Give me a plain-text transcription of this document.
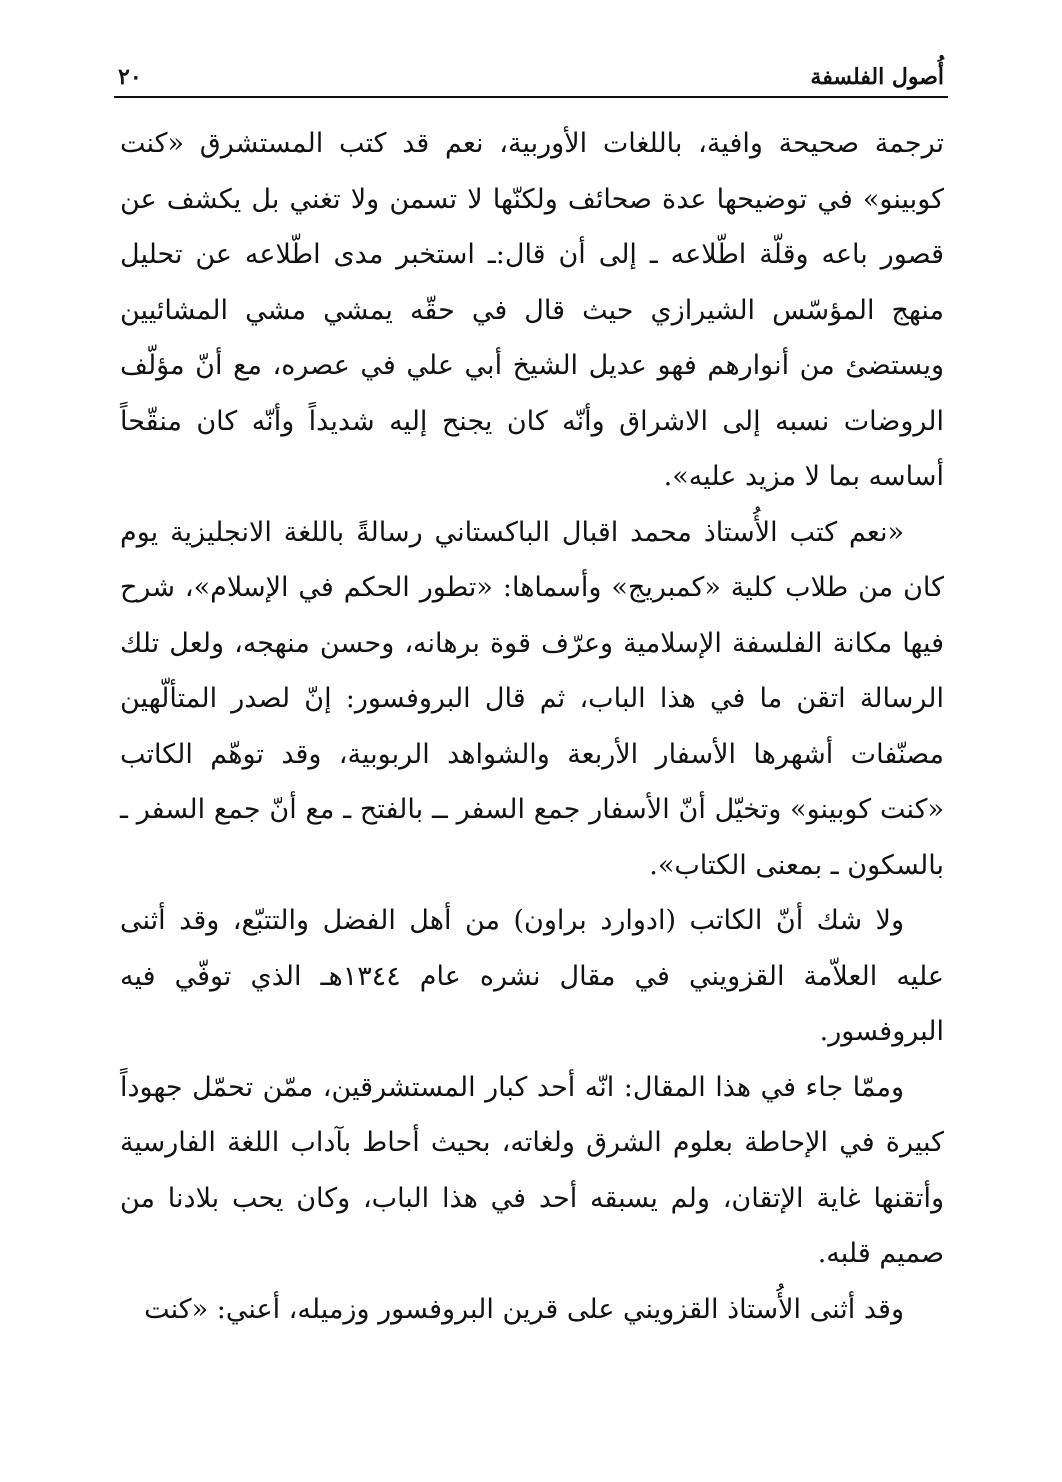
أُصول الفلسفة
٢٠

ترجمة صحيحة وافية، باللغات الأوربية، نعم قد كتب المستشرق «كنت كوبينو» في توضيحها عدة صحائف ولكنّها لا تسمن ولا تغني بل يكشف عن قصور باعه وقلّة اطّلاعه ـ إلى أن قال:ـ استخبر مدى اطّلاعه عن تحليل منهج المؤسّس الشيرازي حيث قال في حقّه يمشي مشي المشائيين ويستضئ من أنوارهم فهو عديل الشيخ أبي علي في عصره، مع أنّ مؤلّف الروضات نسبه إلى الاشراق وأنّه كان يجنح إليه شديداً وأنّه كان منقّحاً أساسه بما لا مزيد عليه».

«نعم كتب الأُستاذ محمد اقبال الباكستاني رسالةً باللغة الانجليزية يوم كان من طلاب كلية «كمبريج» وأسماها: «تطور الحكم في الإسلام»، شرح فيها مكانة الفلسفة الإسلامية وعرّف قوة برهانه، وحسن منهجه، ولعل تلك الرسالة اتقن ما في هذا الباب، ثم قال البروفسور: إنّ لصدر المتألّهين مصنّفات أشهرها الأسفار الأربعة والشواهد الربوبية، وقد توهّم الكاتب «كنت كوبينو» وتخيّل أنّ الأسفار جمع السفر ــ بالفتح ـ مع أنّ جمع السفر ـ بالسكون ـ بمعنى الكتاب».

ولا شك أنّ الكاتب (ادوارد براون) من أهل الفضل والتتبّع، وقد أثنى عليه العلاّمة القزويني في مقال نشره عام ١٣٤٤هـ الذي توفّي فيه البروفسور.

وممّا جاء في هذا المقال: انّه أحد كبار المستشرقين، ممّن تحمّل جهوداً كبيرة في الإحاطة بعلوم الشرق ولغاته، بحيث أحاط بآداب اللغة الفارسية وأتقنها غاية الإتقان، ولم يسبقه أحد في هذا الباب، وكان يحب بلادنا من صميم قلبه.

وقد أثنى الأُستاذ القزويني على قرين البروفسور وزميله، أعني: «كنت
